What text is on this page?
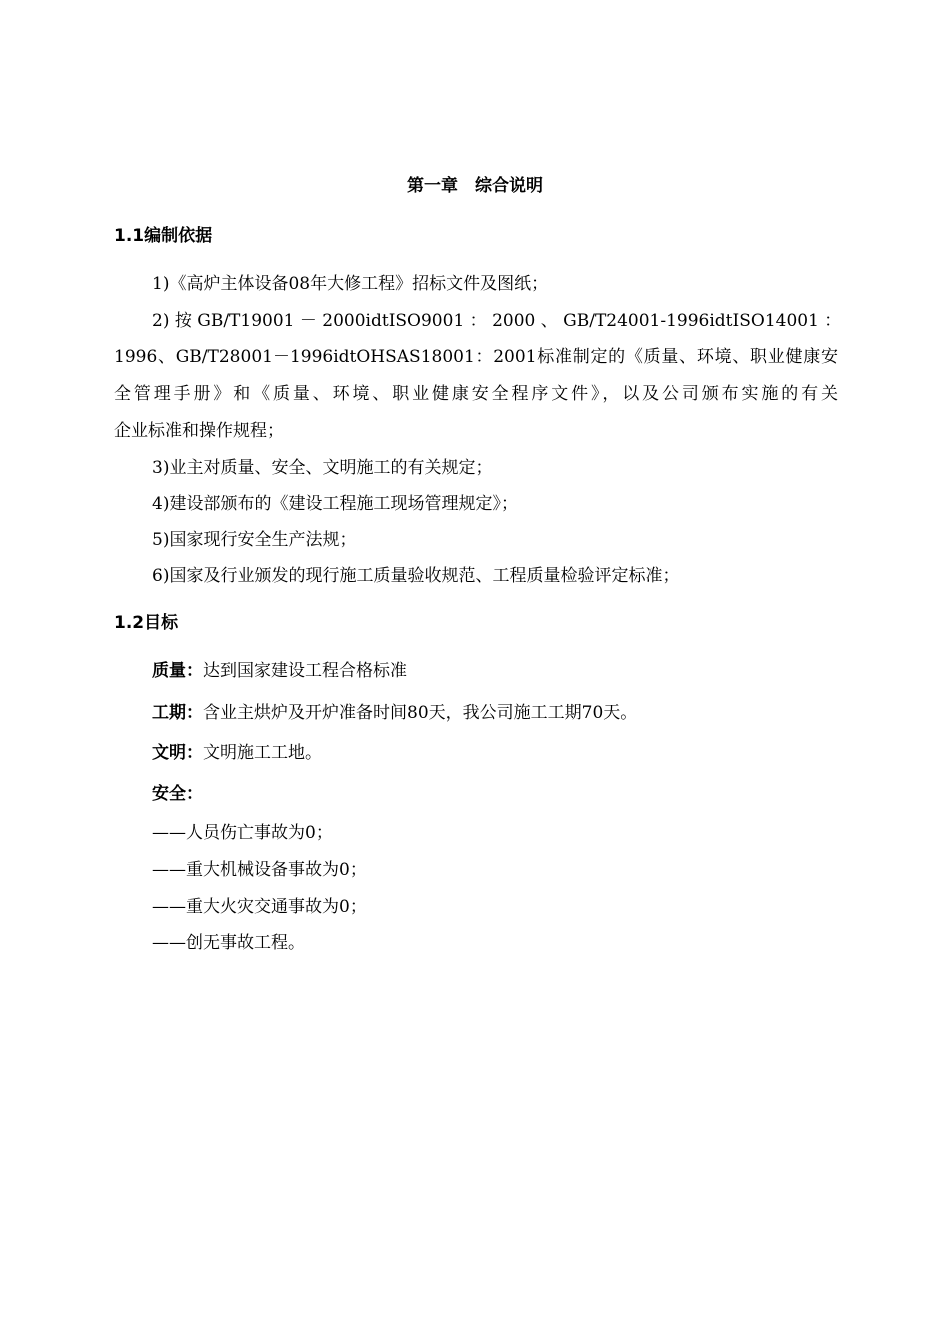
第一章　综合说明
1.1编制依据
1)《高炉主体设备08年大修工程》招标文件及图纸；
2) 按 GB/T19001 － 2000idtISO9001 ： 2000 、 GB/T24001-1996idtISO14001 ：
1996、GB/T28001－1996idtOHSAS18001：2001标准制定的《质量、环境、职业健康安
全管理手册》和《质量、环境、职业健康安全程序文件》，以及公司颁布实施的有关
企业标准和操作规程；
3)业主对质量、安全、文明施工的有关规定；
4)建设部颁布的《建设工程施工现场管理规定》；
5)国家现行安全生产法规；
6)国家及行业颁发的现行施工质量验收规范、工程质量检验评定标准；
1.2目标
质量：达到国家建设工程合格标准
工期：含业主烘炉及开炉准备时间80天，我公司施工工期70天。
文明：文明施工工地。
安全：
——人员伤亡事故为0；
——重大机械设备事故为0；
——重大火灾交通事故为0；
——创无事故工程。
